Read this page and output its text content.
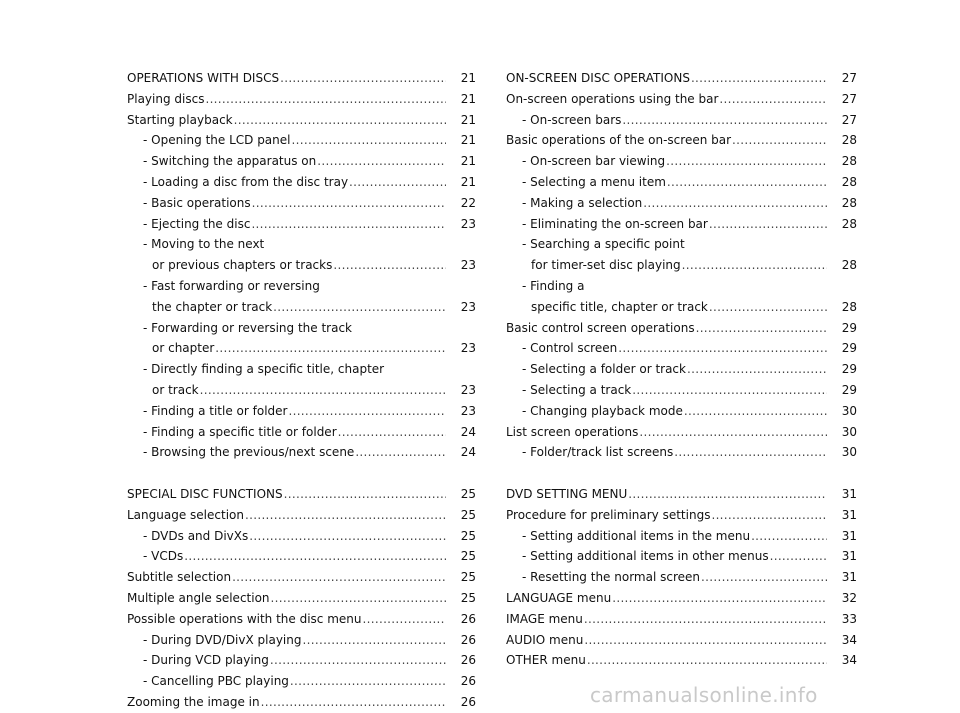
OPERATIONS WITH DISCS .....	21
Playing discs .....	21
Starting playback .....	21
- Opening the LCD panel .....	21
- Switching the apparatus on .....	21
- Loading a disc from the disc tray .....	21
- Basic operations .....	22
- Ejecting the disc .....	23
- Moving to the next
or previous chapters or tracks .....	23
- Fast forwarding or reversing
the chapter or track .....	23
- Forwarding or reversing the track
or chapter .....	23
- Directly finding a specific title, chapter
or track .....	23
- Finding a title or folder .....	23
- Finding a specific title or folder .....	24
- Browsing the previous/next scene .....	24
SPECIAL DISC FUNCTIONS .....	25
Language selection .....	25
- DVDs and DivXs .....	25
- VCDs .....	25
Subtitle selection .....	25
Multiple angle selection .....	25
Possible operations with the disc menu .....	26
- During DVD/DivX playing .....	26
- During VCD playing .....	26
- Cancelling PBC playing .....	26
Zooming the image in .....	26
ON-SCREEN DISC OPERATIONS .....	27
On-screen operations using the bar .....	27
- On-screen bars .....	27
Basic operations of the on-screen bar .....	28
- On-screen bar viewing .....	28
- Selecting a menu item .....	28
- Making a selection .....	28
- Eliminating the on-screen bar .....	28
- Searching a specific point
for timer-set disc playing .....	28
- Finding a
specific title, chapter or track .....	28
Basic control screen operations .....	29
- Control screen .....	29
- Selecting a folder or track .....	29
- Selecting a track .....	29
- Changing playback mode .....	30
List screen operations .....	30
- Folder/track list screens .....	30
DVD SETTING MENU .....	31
Procedure for preliminary settings .....	31
- Setting additional items in the menu .....	31
- Setting additional items in other menus .....	31
- Resetting the normal screen .....	31
LANGUAGE menu .....	32
IMAGE menu .....	33
AUDIO menu .....	34
OTHER menu .....	34
carmanualsonline.info
